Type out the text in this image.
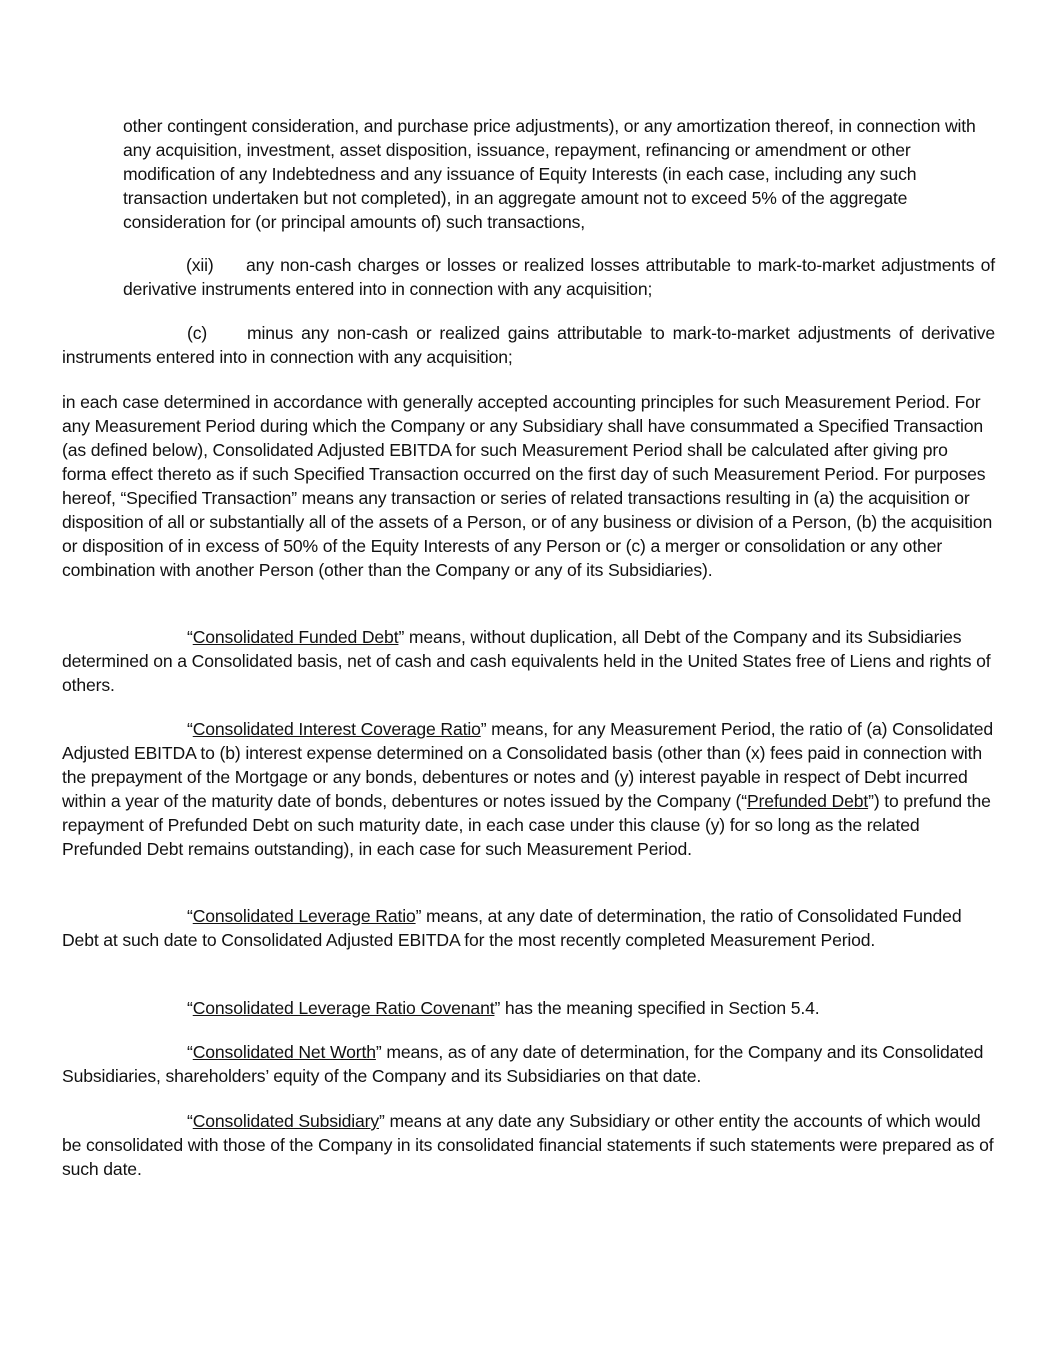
other contingent consideration, and purchase price adjustments), or any amortization thereof, in connection with any acquisition, investment, asset disposition, issuance, repayment, refinancing or amendment or other modification of any Indebtedness and any issuance of Equity Interests (in each case, including any such transaction undertaken but not completed), in an aggregate amount not to exceed 5% of the aggregate consideration for (or principal amounts of) such transactions,

(xii) any non-cash charges or losses or realized losses attributable to mark-to-market adjustments of derivative instruments entered into in connection with any acquisition;

(c) minus any non-cash or realized gains attributable to mark-to-market adjustments of derivative instruments entered into in connection with any acquisition;

in each case determined in accordance with generally accepted accounting principles for such Measurement Period. For any Measurement Period during which the Company or any Subsidiary shall have consummated a Specified Transaction (as defined below), Consolidated Adjusted EBITDA for such Measurement Period shall be calculated after giving pro forma effect thereto as if such Specified Transaction occurred on the first day of such Measurement Period. For purposes hereof, “Specified Transaction” means any transaction or series of related transactions resulting in (a) the acquisition or disposition of all or substantially all of the assets of a Person, or of any business or division of a Person, (b) the acquisition or disposition of in excess of 50% of the Equity Interests of any Person or (c) a merger or consolidation or any other combination with another Person (other than the Company or any of its Subsidiaries).

“Consolidated Funded Debt” means, without duplication, all Debt of the Company and its Subsidiaries determined on a Consolidated basis, net of cash and cash equivalents held in the United States free of Liens and rights of others.

“Consolidated Interest Coverage Ratio” means, for any Measurement Period, the ratio of (a) Consolidated Adjusted EBITDA to (b) interest expense determined on a Consolidated basis (other than (x) fees paid in connection with the prepayment of the Mortgage or any bonds, debentures or notes and (y) interest payable in respect of Debt incurred within a year of the maturity date of bonds, debentures or notes issued by the Company (“Prefunded Debt”) to prefund the repayment of Prefunded Debt on such maturity date, in each case under this clause (y) for so long as the related Prefunded Debt remains outstanding), in each case for such Measurement Period.

“Consolidated Leverage Ratio” means, at any date of determination, the ratio of Consolidated Funded Debt at such date to Consolidated Adjusted EBITDA for the most recently completed Measurement Period.

“Consolidated Leverage Ratio Covenant” has the meaning specified in Section 5.4.

“Consolidated Net Worth” means, as of any date of determination, for the Company and its Consolidated Subsidiaries, shareholders’ equity of the Company and its Subsidiaries on that date.

“Consolidated Subsidiary” means at any date any Subsidiary or other entity the accounts of which would be consolidated with those of the Company in its consolidated financial statements if such statements were prepared as of such date.
